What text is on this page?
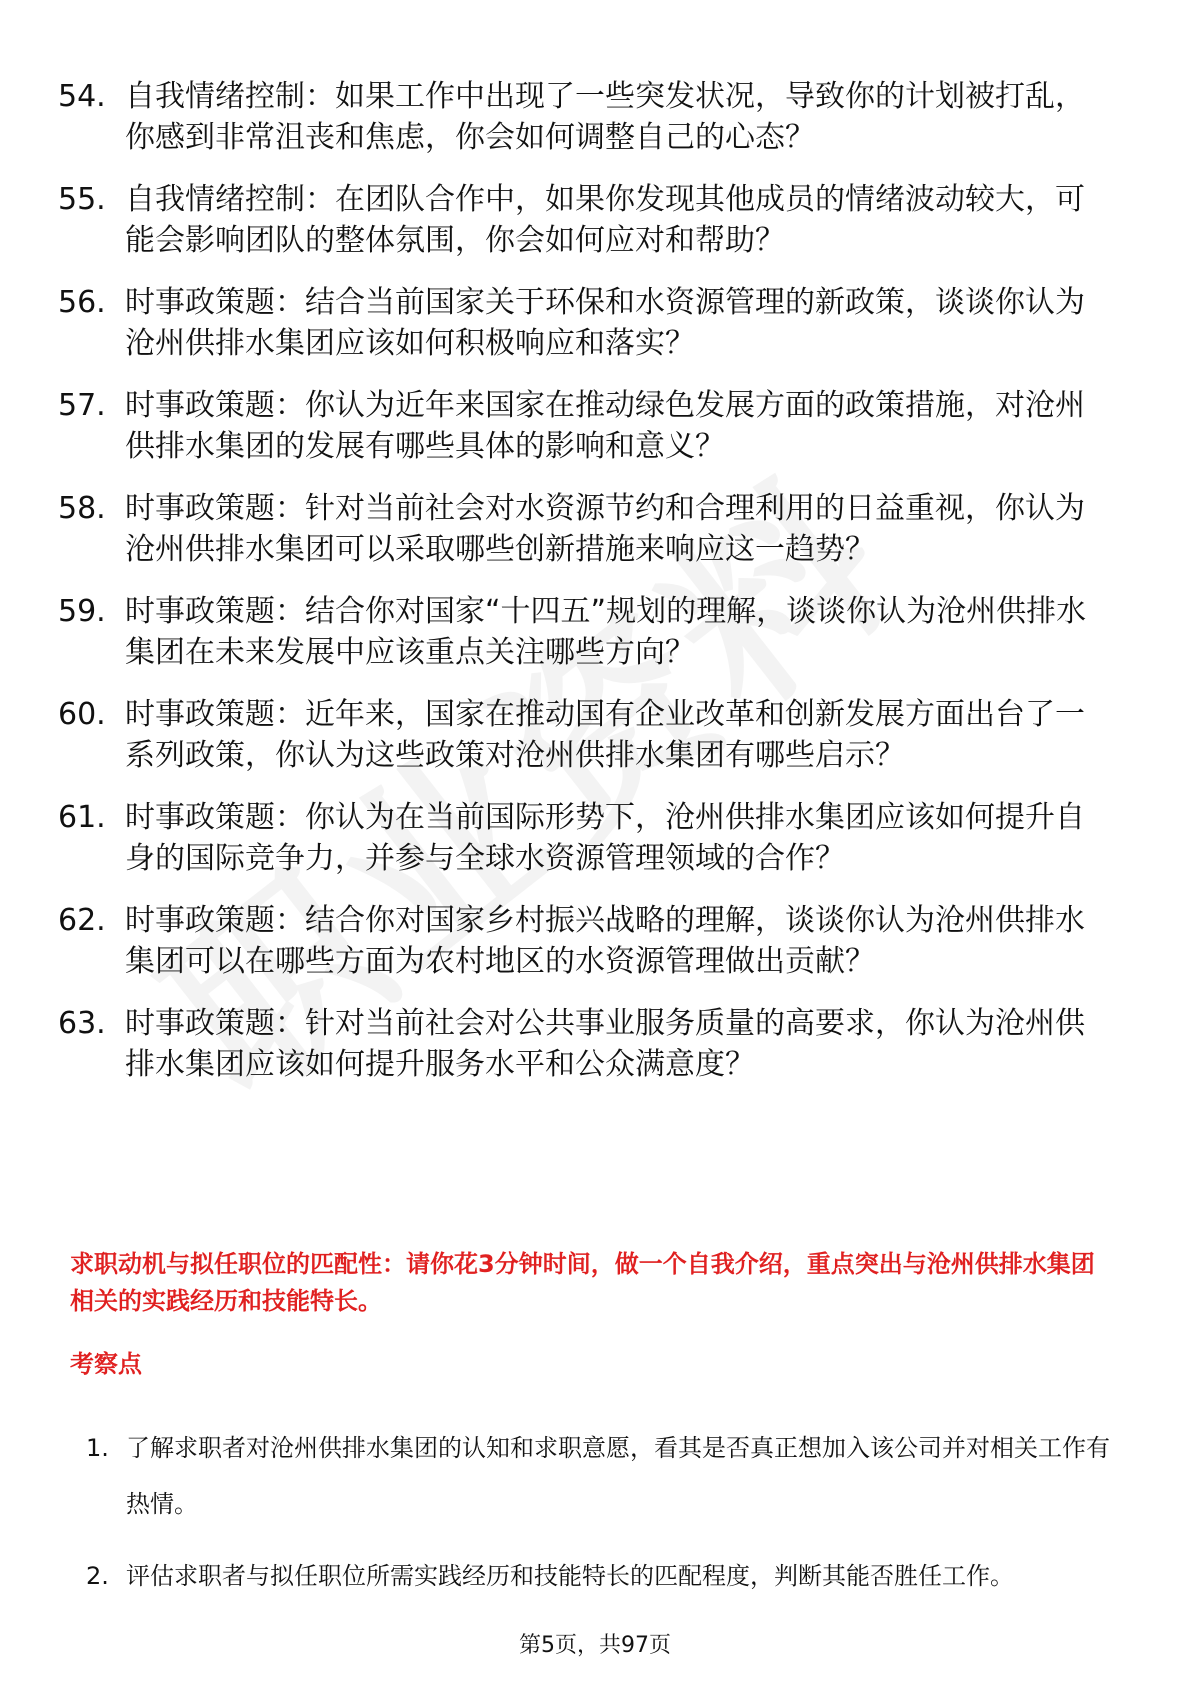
54. 自我情绪控制：如果工作中出现了一些突发状况，导致你的计划被打乱，你感到非常沮丧和焦虑，你会如何调整自己的心态？
55. 自我情绪控制：在团队合作中，如果你发现其他成员的情绪波动较大，可能会影响团队的整体氛围，你会如何应对和帮助？
56. 时事政策题：结合当前国家关于环保和水资源管理的新政策，谈谈你认为沧州供排水集团应该如何积极响应和落实？
57. 时事政策题：你认为近年来国家在推动绿色发展方面的政策措施，对沧州供排水集团的发展有哪些具体的影响和意义？
58. 时事政策题：针对当前社会对水资源节约和合理利用的日益重视，你认为沧州供排水集团可以采取哪些创新措施来响应这一趋势？
59. 时事政策题：结合你对国家“十四五”规划的理解，谈谈你认为沧州供排水集团在未来发展中应该重点关注哪些方向？
60. 时事政策题：近年来，国家在推动国有企业改革和创新发展方面出台了一系列政策，你认为这些政策对沧州供排水集团有哪些启示？
61. 时事政策题：你认为在当前国际形势下，沧州供排水集团应该如何提升自身的国际竞争力，并参与全球水资源管理领域的合作？
62. 时事政策题：结合你对国家乡村振兴战略的理解，谈谈你认为沧州供排水集团可以在哪些方面为农村地区的水资源管理做出贡献？
63. 时事政策题：针对当前社会对公共事业服务质量的高要求，你认为沧州供排水集团应该如何提升服务水平和公众满意度？
求职动机与拟任职位的匹配性：请你花3分钟时间，做一个自我介绍，重点突出与沧州供排水集团相关的实践经历和技能特长。
考察点
1. 了解求职者对沧州供排水集团的认知和求职意愿，看其是否真正想加入该公司并对相关工作有热情。
2. 评估求职者与拟任职位所需实践经历和技能特长的匹配程度，判断其能否胜任工作。
第5页，共97页
